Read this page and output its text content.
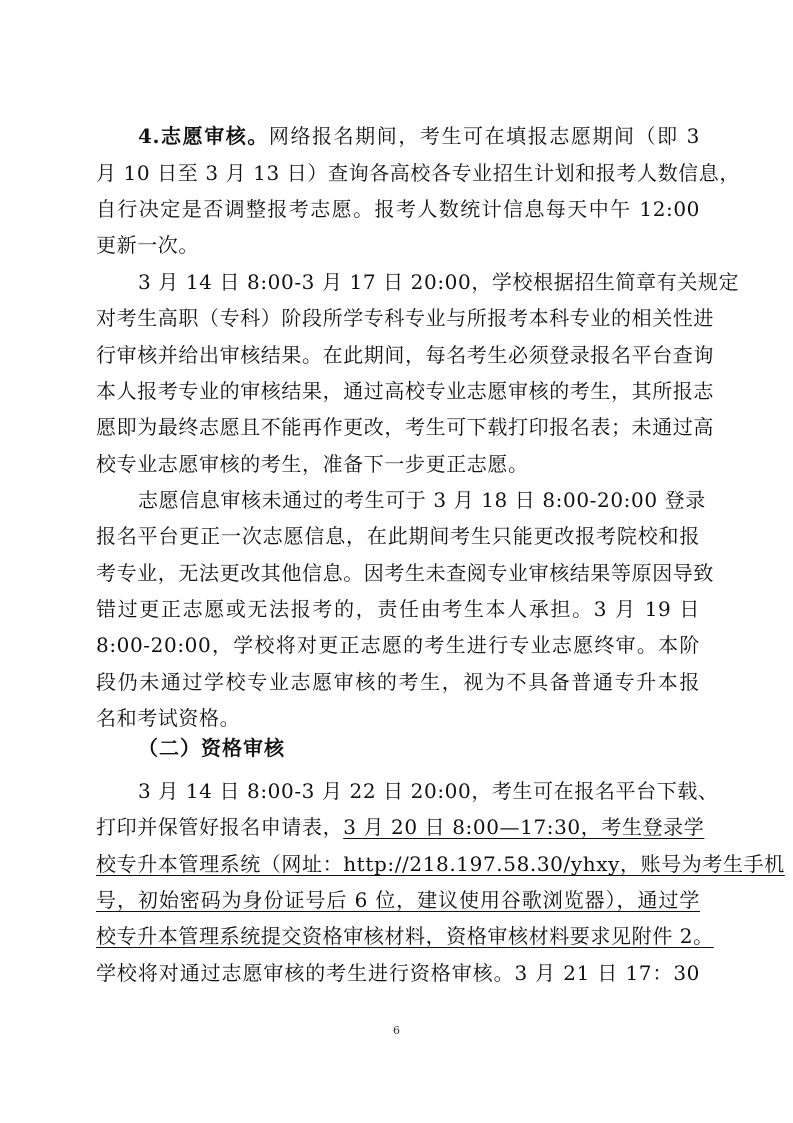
4.志愿审核。网络报名期间，考生可在填报志愿期间（即 3
月 10 日至 3 月 13 日）查询各高校各专业招生计划和报考人数信息，
自行决定是否调整报考志愿。报考人数统计信息每天中午 12:00
更新一次。
3 月 14 日 8:00-3 月 17 日 20:00，学校根据招生简章有关规定
对考生高职（专科）阶段所学专科专业与所报考本科专业的相关性进
行审核并给出审核结果。在此期间，每名考生必须登录报名平台查询
本人报考专业的审核结果，通过高校专业志愿审核的考生，其所报志
愿即为最终志愿且不能再作更改，考生可下载打印报名表；未通过高
校专业志愿审核的考生，准备下一步更正志愿。
志愿信息审核未通过的考生可于 3 月 18 日 8:00-20:00 登录
报名平台更正一次志愿信息，在此期间考生只能更改报考院校和报
考专业，无法更改其他信息。因考生未查阅专业审核结果等原因导致
错过更正志愿或无法报考的，责任由考生本人承担。3 月 19 日
8:00-20:00，学校将对更正志愿的考生进行专业志愿终审。本阶
段仍未通过学校专业志愿审核的考生，视为不具备普通专升本报
名和考试资格。
（二）资格审核
3 月 14 日 8:00-3 月 22 日 20:00，考生可在报名平台下载、
打印并保管好报名申请表，3 月 20 日 8:00—17:30，考生登录学
校专升本管理系统（网址：http://218.197.58.30/yhxy，账号为考生手机
号，初始密码为身份证号后 6 位，建议使用谷歌浏览器），通过学
校专升本管理系统提交资格审核材料，资格审核材料要求见附件 2。
学校将对通过志愿审核的考生进行资格审核。3 月 21 日 17：30
6
